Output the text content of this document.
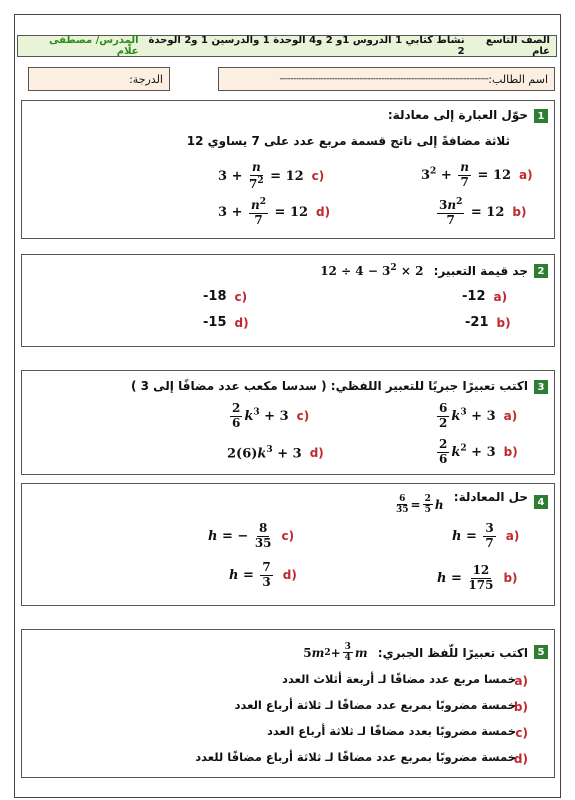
الصف التاسع عام
نشاط كتابي 1 الدروس 1و 2 و4 الوحدة 1 والدرسين 1 و2 الوحدة 2
المدرس/ مصطفى علّام
اسم الطالب:
----------------------------------------------------------------------------
الدرجة:
1
حوّل العبارة إلى معادلة:
ثلاثة مضافةً إلى ناتج قسمة مربع عدد على 7 يساوي 12
$3^2 + \frac{n}{7} = 12$ a)
$3 + \frac{n}{7^2} = 12$ c)
$\frac{3n^2}{7} = 12$ b)
$3 + \frac{n^2}{7} = 12$ d)
2
جد قيمة التعبير: $12 \div 4 - 3^2 \times 2$
-12 a)
-18 c)
-21 b)
-15 d)
3
اكتب تعبيرًا جبريًا للتعبير اللفظي: ( سدسا مكعب عدد مضافًا إلى 3 )
$\frac{6}{2} k^3 + 3$ a)
$\frac{2}{6} k^3 + 3$ c)
$\frac{2}{6} k^2 + 3$ b)
$2(6)k^3 + 3$ d)
4
حل المعادلة:
$\frac{6}{35} = \frac{2}{5}$ h
$h = \frac{3}{7} a$)
h = − $\frac{8}{35} c$)
$h = \frac{12}{175} b$)
$h = \frac{7}{3} d$)
5
اكتب تعبيرًا للّفظ الجبري: 5 m $2 + \frac{3}{4}$ m
a)
خمسا مربع عدد مضافًا لـ أربعة أثلاث العدد
b)
خمسة مضروبًا بمربع عدد مضافًا لـ ثلاثة أرباع العدد
c)
خمسة مضروبًا بعدد مضافًا لـ ثلاثة أرباع العدد
d)
خمسة مضروبًا بمربع عدد مضافًا لـ ثلاثة أرباع مضافًا للعدد
